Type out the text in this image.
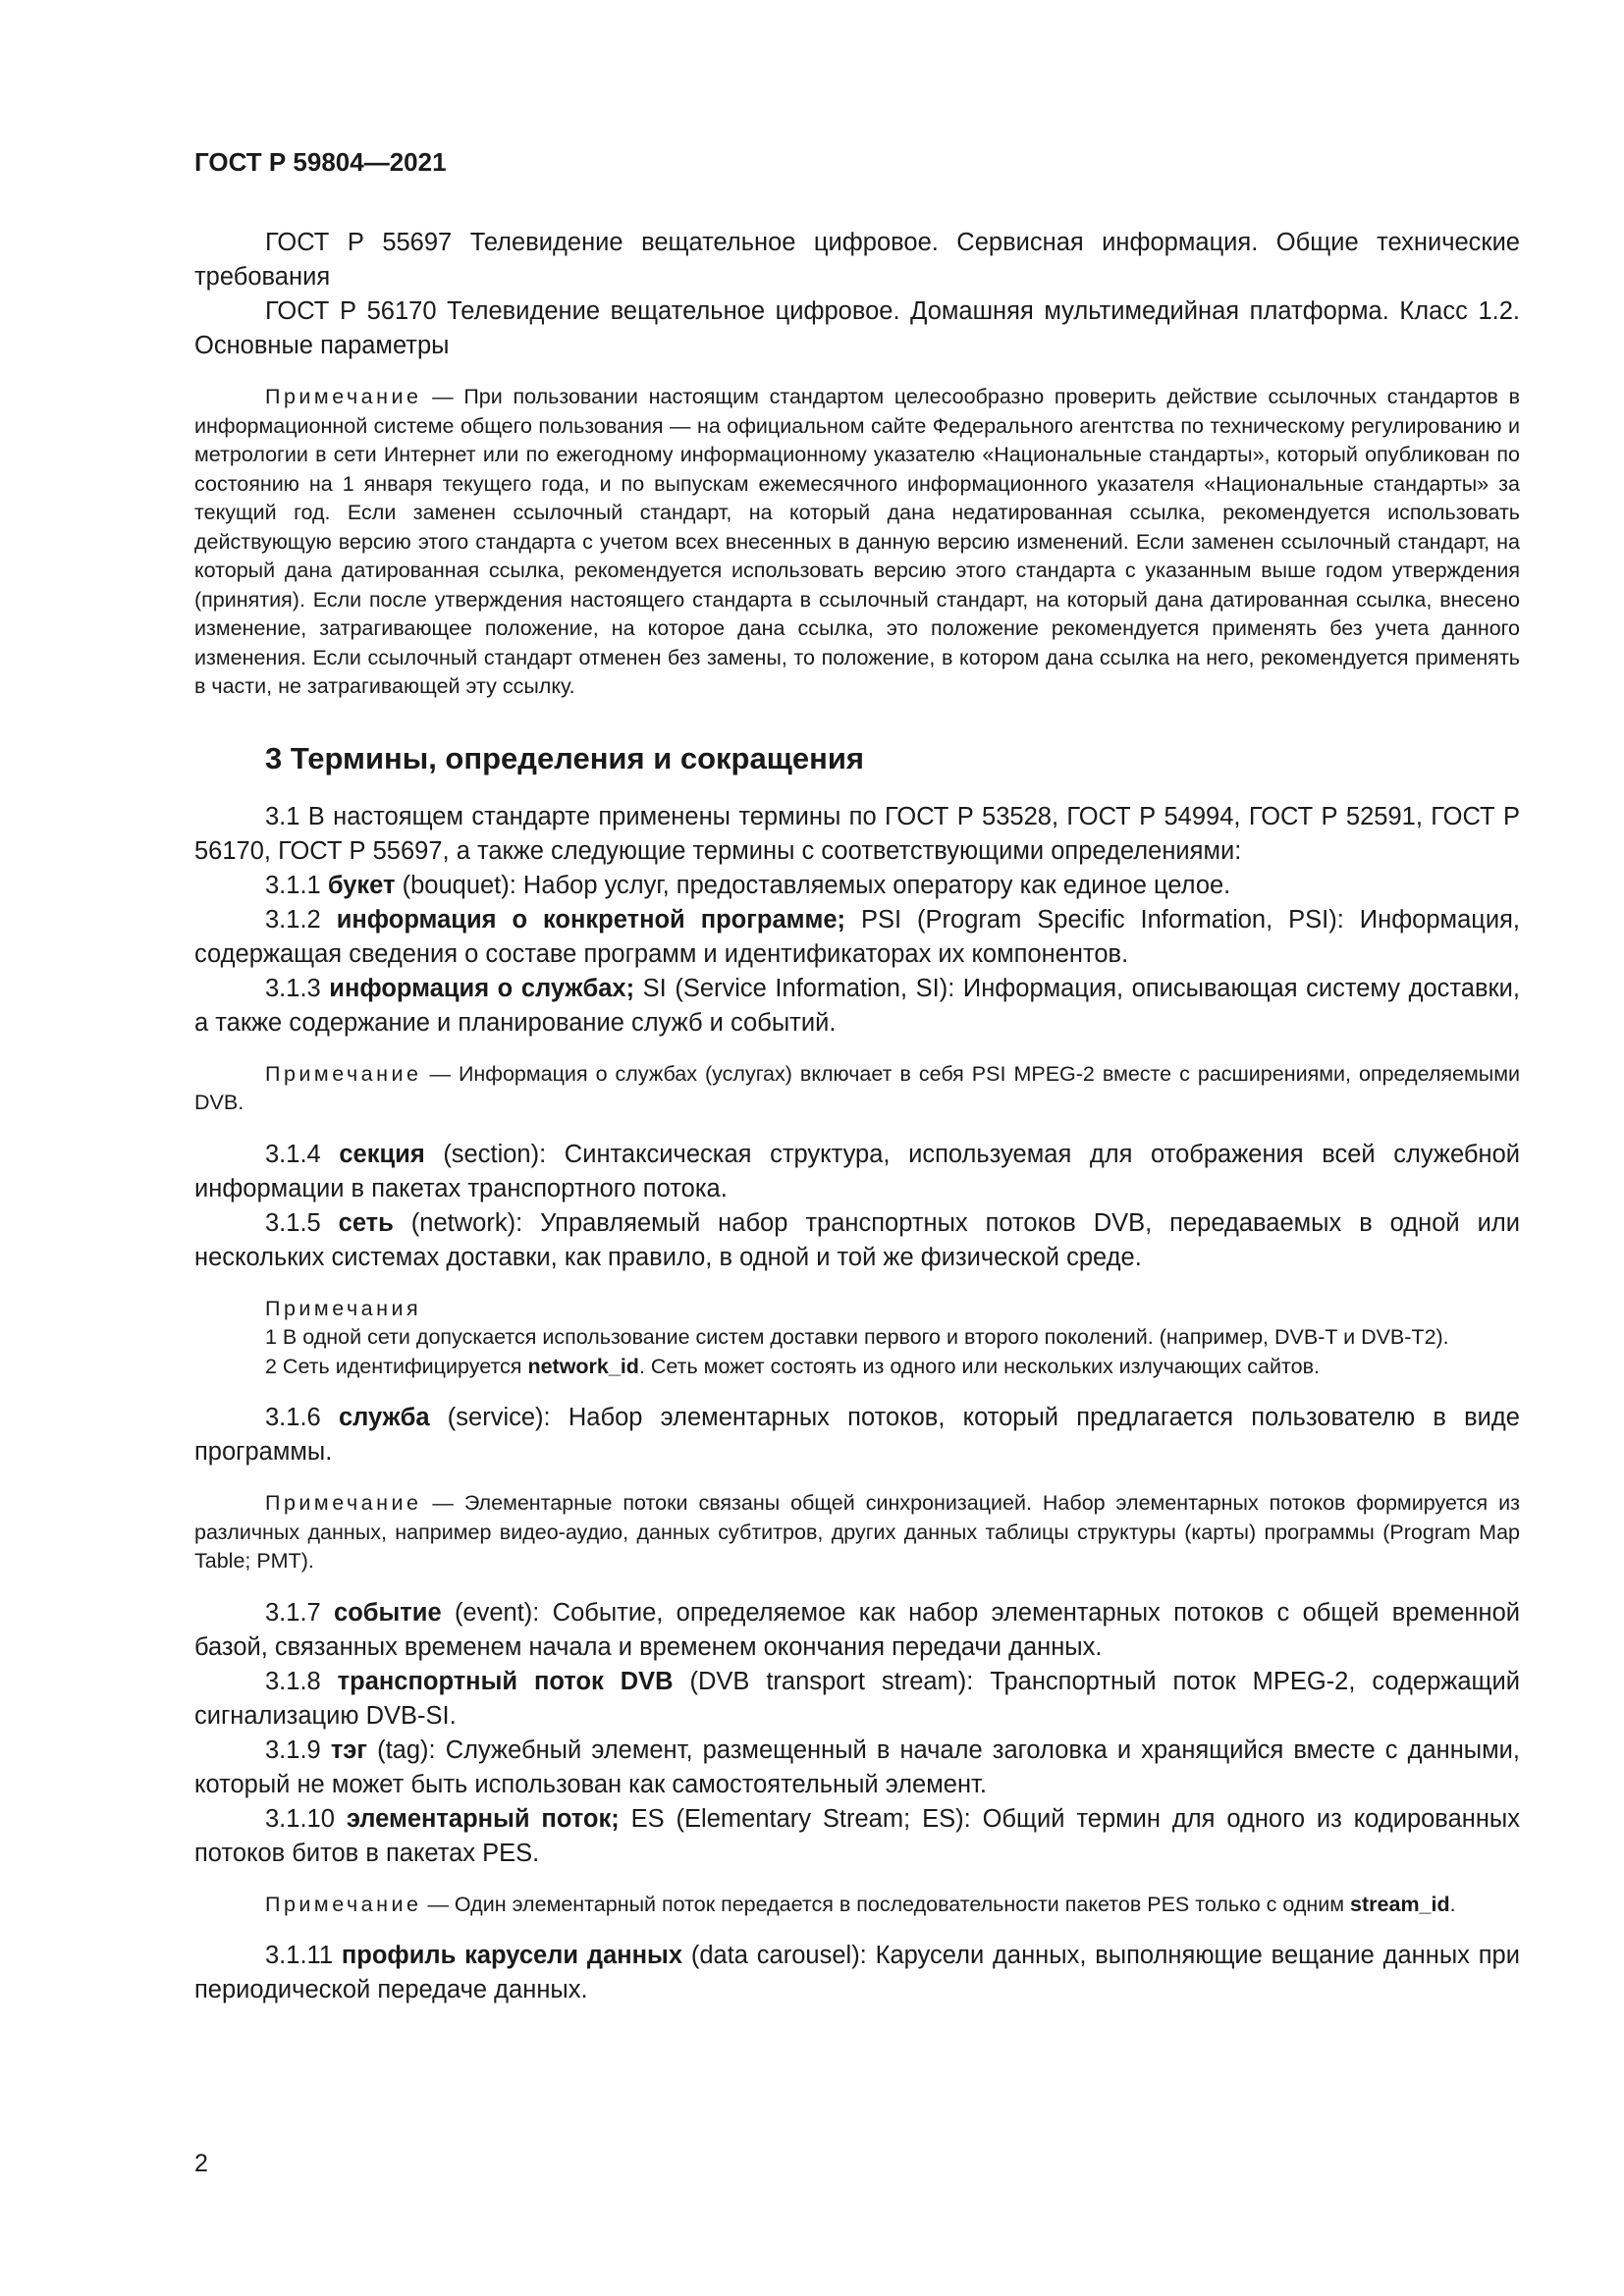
ГОСТ Р 59804—2021

ГОСТ Р 55697 Телевидение вещательное цифровое. Сервисная информация. Общие технические требования

ГОСТ Р 56170 Телевидение вещательное цифровое. Домашняя мультимедийная платформа. Класс 1.2. Основные параметры

Примечание — При пользовании настоящим стандартом целесообразно проверить действие ссылочных стандартов в информационной системе общего пользования — на официальном сайте Федерального агентства по техническому регулированию и метрологии в сети Интернет или по ежегодному информационному указателю «Национальные стандарты», который опубликован по состоянию на 1 января текущего года, и по выпускам ежемесячного информационного указателя «Национальные стандарты» за текущий год. Если заменен ссылочный стандарт, на который дана недатированная ссылка, рекомендуется использовать действующую версию этого стандарта с учетом всех внесенных в данную версию изменений. Если заменен ссылочный стандарт, на который дана датированная ссылка, рекомендуется использовать версию этого стандарта с указанным выше годом утверждения (принятия). Если после утверждения настоящего стандарта в ссылочный стандарт, на который дана датированная ссылка, внесено изменение, затрагивающее положение, на которое дана ссылка, это положение рекомендуется применять без учета данного изменения. Если ссылочный стандарт отменен без замены, то положение, в котором дана ссылка на него, рекомендуется применять в части, не затрагивающей эту ссылку.

3 Термины, определения и сокращения

3.1 В настоящем стандарте применены термины по ГОСТ Р 53528, ГОСТ Р 54994, ГОСТ Р 52591, ГОСТ Р 56170, ГОСТ Р 55697, а также следующие термины с соответствующими определениями:

3.1.1 букет (bouquet): Набор услуг, предоставляемых оператору как единое целое.

3.1.2 информация о конкретной программе; PSI (Program Specific Information, PSI): Информация, содержащая сведения о составе программ и идентификаторах их компонентов.

3.1.3 информация о службах; SI (Service Information, SI): Информация, описывающая систему доставки, а также содержание и планирование служб и событий.

Примечание — Информация о службах (услугах) включает в себя PSI MPEG-2 вместе с расширениями, определяемыми DVB.

3.1.4 секция (section): Синтаксическая структура, используемая для отображения всей служебной информации в пакетах транспортного потока.

3.1.5 сеть (network): Управляемый набор транспортных потоков DVB, передаваемых в одной или нескольких системах доставки, как правило, в одной и той же физической среде.

Примечания

1 В одной сети допускается использование систем доставки первого и второго поколений. (например, DVB-T и DVB-T2).

2 Сеть идентифицируется network_id. Сеть может состоять из одного или нескольких излучающих сайтов.

3.1.6 служба (service): Набор элементарных потоков, который предлагается пользователю в виде программы.

Примечание — Элементарные потоки связаны общей синхронизацией. Набор элементарных потоков формируется из различных данных, например видео-аудио, данных субтитров, других данных таблицы структуры (карты) программы (Program Map Table; PMT).

3.1.7 событие (event): Событие, определяемое как набор элементарных потоков с общей временной базой, связанных временем начала и временем окончания передачи данных.

3.1.8 транспортный поток DVB (DVB transport stream): Транспортный поток MPEG-2, содержащий сигнализацию DVB-SI.

3.1.9 тэг (tag): Служебный элемент, размещенный в начале заголовка и хранящийся вместе с данными, который не может быть использован как самостоятельный элемент.

3.1.10 элементарный поток; ES (Elementary Stream; ES): Общий термин для одного из кодированных потоков битов в пакетах PES.

Примечание — Один элементарный поток передается в последовательности пакетов PES только с одним stream_id.

3.1.11 профиль карусели данных (data carousel): Карусели данных, выполняющие вещание данных при периодической передаче данных.

2
